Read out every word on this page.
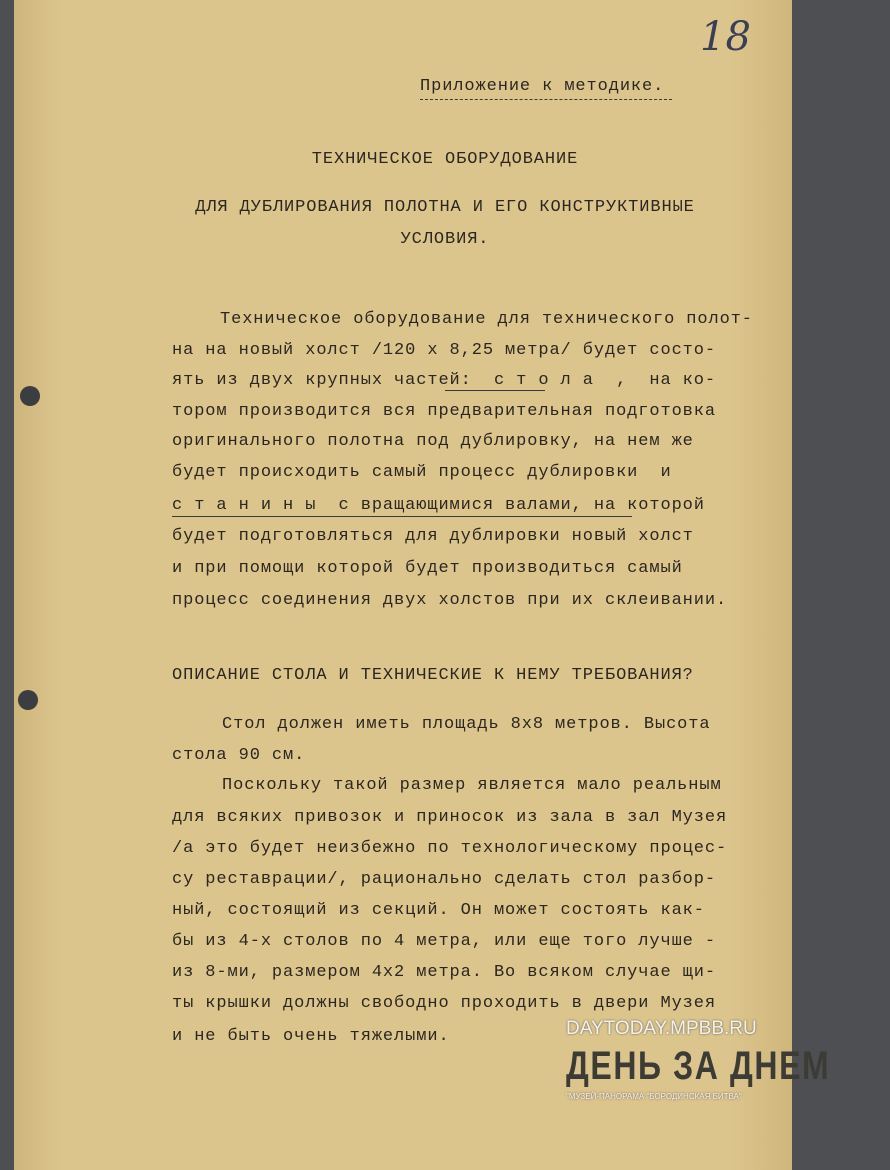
18
Приложение к методике.
ТЕХНИЧЕСКОЕ ОБОРУДОВАНИЕ
ДЛЯ ДУБЛИРОВАНИЯ ПОЛОТНА И ЕГО КОНСТРУКТИВНЫЕ
УСЛОВИЯ.
Техническое оборудование для технического полот-
на на новый холст /120 х 8,25 метра/ будет состо-
ять из двух крупных частей:  с т о л а  ,  на ко-
тором производится вся предварительная подготовка
оригинального полотна под дублировку, на нем же
будет происходить самый процесс дублировки  и
с т а н и н ы  с вращающимися валами, на которой
будет подготовляться для дублировки новый холст
и при помощи которой будет производиться самый
процесс соединения двух холстов при их склеивании.
ОПИСАНИЕ СТОЛА И ТЕХНИЧЕСКИЕ К НЕМУ ТРЕБОВАНИЯ?
Стол должен иметь площадь 8х8 метров. Высота
стола 90 см.
Поскольку такой размер является мало реальным
для всяких привозок и приносок из зала в зал Музея
/а это будет неизбежно по технологическому процес-
су реставрации/, рационально сделать стол разбор-
ный, состоящий из секций. Он может состоять как-
бы из 4-х столов по 4 метра, или еще того лучше -
из 8-ми, размером 4х2 метра. Во всяком случае щи-
ты крышки должны свободно проходить в двери Музея
и не быть очень тяжелыми.	DAYTODAY.MPBB.RU
ДЕНЬ ЗА ДНЕМ
"МУЗЕЙ-ПАНОРАМА "БОРОДИНСКАЯ БИТВА"
